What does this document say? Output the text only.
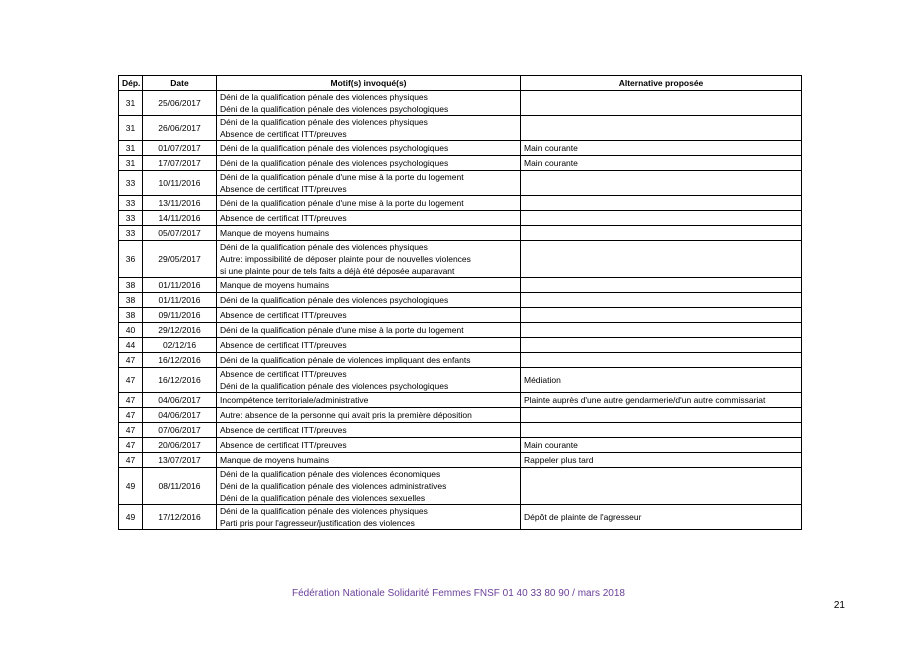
Dép.	Date	Motif(s) invoqué(s)	Alternative proposée
31	25/06/2017	Déni de la qualification pénale des violences physiques
Déni de la qualification pénale des violences psychologiques	

31	26/06/2017	Déni de la qualification pénale des violences physiques
Absence de certificat ITT/preuves	

31	01/07/2017	Déni de la qualification pénale des violences psychologiques	Main courante
31	17/07/2017	Déni de la qualification pénale des violences psychologiques	Main courante
33	10/11/2016	Déni de la qualification pénale d'une mise à la porte du logement
Absence de certificat ITT/preuves	

33	13/11/2016	Déni de la qualification pénale d'une mise à la porte du logement	

33	14/11/2016	Absence de certificat ITT/preuves	

33	05/07/2017	Manque de moyens humains	

36	29/05/2017	Déni de la qualification pénale des violences physiques
Autre: impossibilité de déposer plainte pour de nouvelles violences
si une plainte pour de tels faits a déjà été déposée auparavant	

38	01/11/2016	Manque de moyens humains	

38	01/11/2016	Déni de la qualification pénale des violences psychologiques	

38	09/11/2016	Absence de certificat ITT/preuves	

40	29/12/2016	Déni de la qualification pénale d'une mise à la porte du logement	

44	02/12/16	Absence de certificat ITT/preuves	

47	16/12/2016	Déni de la qualification pénale de violences impliquant des enfants	

47	16/12/2016	Absence de certificat ITT/preuves
Déni de la qualification pénale des violences psychologiques	Médiation
47	04/06/2017	Incompétence territoriale/administrative	Plainte auprès d'une autre gendarmerie/d'un autre commissariat
47	04/06/2017	Autre: absence de la personne qui avait pris la première déposition	

47	07/06/2017	Absence de certificat ITT/preuves	

47	20/06/2017	Absence de certificat ITT/preuves	Main courante
47	13/07/2017	Manque de moyens humains	Rappeler plus tard
49	08/11/2016	Déni de la qualification pénale des violences économiques
Déni de la qualification pénale des violences administratives
Déni de la qualification pénale des violences sexuelles	

49	17/12/2016	Déni de la qualification pénale des violences physiques
Parti pris pour l'agresseur/justification des violences	Dépôt de plainte de l'agresseur
Fédération Nationale Solidarité Femmes FNSF 01 40 33 80 90 / mars 2018
21
